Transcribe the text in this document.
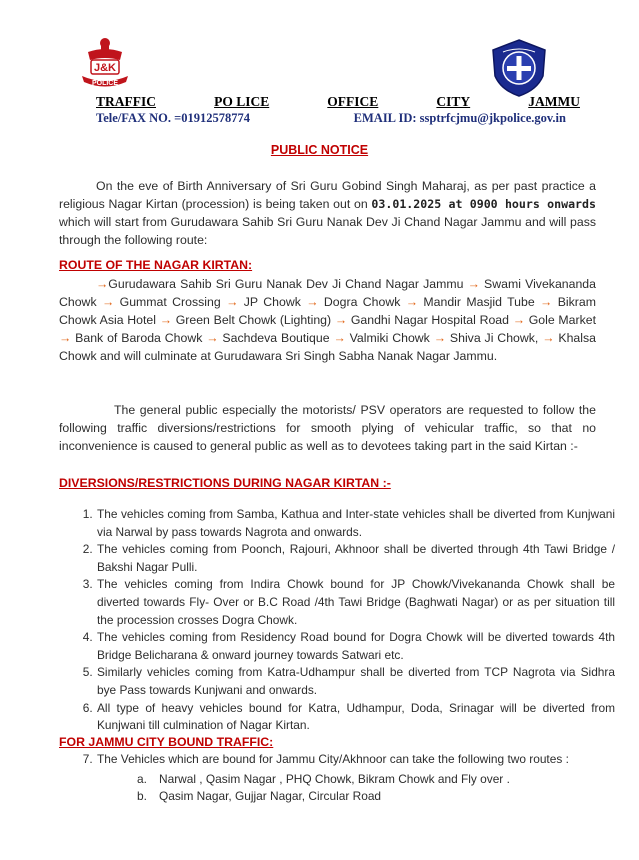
J&K
POLICE
TRAFFIC	PO LICE	OFFICE	CITY	JAMMU
Tele/FAX NO. =01912578774	EMAIL ID: ssptrfcjmu@jkpolice.gov.in
PUBLIC NOTICE
On the eve of Birth Anniversary of Sri Guru Gobind Singh Maharaj, as per past practice a religious Nagar Kirtan (procession) is being taken out on 03.01.2025 at 0900 hours onwards which will start from Gurudawara Sahib Sri Guru Nanak Dev Ji Chand Nagar Jammu and will pass through the following route:
ROUTE OF THE NAGAR KIRTAN:
→Gurudawara Sahib Sri Guru Nanak Dev Ji Chand Nagar Jammu → Swami Vivekananda Chowk → Gummat Crossing → JP Chowk → Dogra Chowk → Mandir Masjid Tube → Bikram Chowk Asia Hotel → Green Belt Chowk (Lighting) → Gandhi Nagar Hospital Road → Gole Market → Bank of Baroda Chowk → Sachdeva Boutique → Valmiki Chowk → Shiva Ji Chowk, → Khalsa Chowk and will culminate at Gurudawara Sri Singh Sabha Nanak Nagar Jammu.
The general public especially the motorists/ PSV operators are requested to follow the following traffic diversions/restrictions for smooth plying of vehicular traffic, so that no inconvenience is caused to general public as well as to devotees taking part in the said Kirtan :-
DIVERSIONS/RESTRICTIONS DURING NAGAR KIRTAN :-
1. The vehicles coming from Samba, Kathua and Inter-state vehicles shall be diverted from Kunjwani via Narwal by pass towards Nagrota and onwards.
2. The vehicles coming from Poonch, Rajouri, Akhnoor shall be diverted through 4th Tawi Bridge / Bakshi Nagar Pulli.
3. The vehicles coming from Indira Chowk bound for JP Chowk/Vivekananda Chowk shall be diverted towards Fly- Over or B.C Road /4th Tawi Bridge (Baghwati Nagar) or as per situation till the procession crosses Dogra Chowk.
4. The vehicles coming from Residency Road bound for Dogra Chowk will be diverted towards 4th Bridge Belicharana & onward journey towards Satwari etc.
5. Similarly vehicles coming from Katra-Udhampur shall be diverted from TCP Nagrota via Sidhra bye Pass towards Kunjwani and onwards.
6. All type of heavy vehicles bound for Katra, Udhampur, Doda, Srinagar will be diverted from Kunjwani till culmination of Nagar Kirtan.
FOR JAMMU CITY BOUND TRAFFIC:
7. The Vehicles which are bound for Jammu City/Akhnoor can take the following two routes :
a.	Narwal , Qasim Nagar , PHQ Chowk, Bikram Chowk and Fly over .
b.	Qasim Nagar, Gujjar Nagar, Circular Road
